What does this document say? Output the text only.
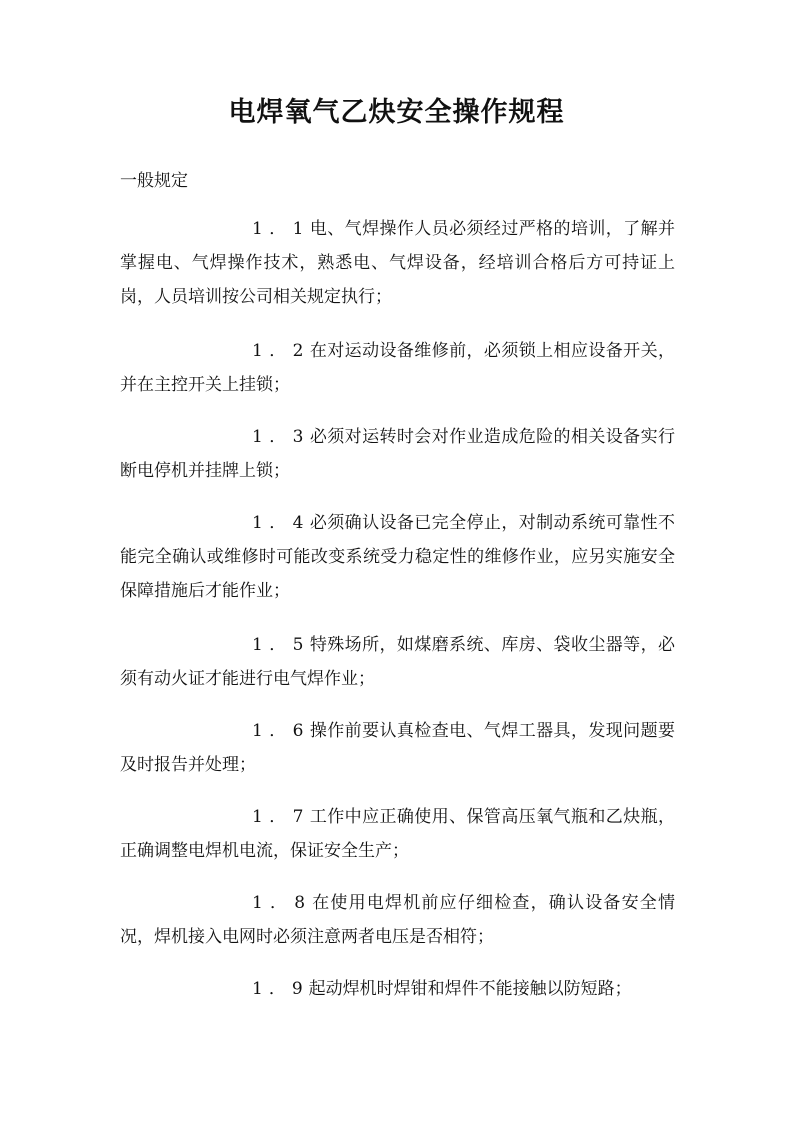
电焊氧气乙炔安全操作规程

一般规定

1．1电、气焊操作人员必须经过严格的培训，了解并掌握电、气焊操作技术，熟悉电、气焊设备，经培训合格后方可持证上岗，人员培训按公司相关规定执行；

1．2在对运动设备维修前，必须锁上相应设备开关，并在主控开关上挂锁；

1．3必须对运转时会对作业造成危险的相关设备实行断电停机并挂牌上锁；

1．4必须确认设备已完全停止，对制动系统可靠性不能完全确认或维修时可能改变系统受力稳定性的维修作业，应另实施安全保障措施后才能作业；

1．5特殊场所，如煤磨系统、库房、袋收尘器等，必须有动火证才能进行电气焊作业；

1．6操作前要认真检查电、气焊工器具，发现问题要及时报告并处理；

1．7工作中应正确使用、保管高压氧气瓶和乙炔瓶，正确调整电焊机电流，保证安全生产；

1．8在使用电焊机前应仔细检查，确认设备安全情况，焊机接入电网时必须注意两者电压是否相符；

1．9起动焊机时焊钳和焊件不能接触以防短路；
